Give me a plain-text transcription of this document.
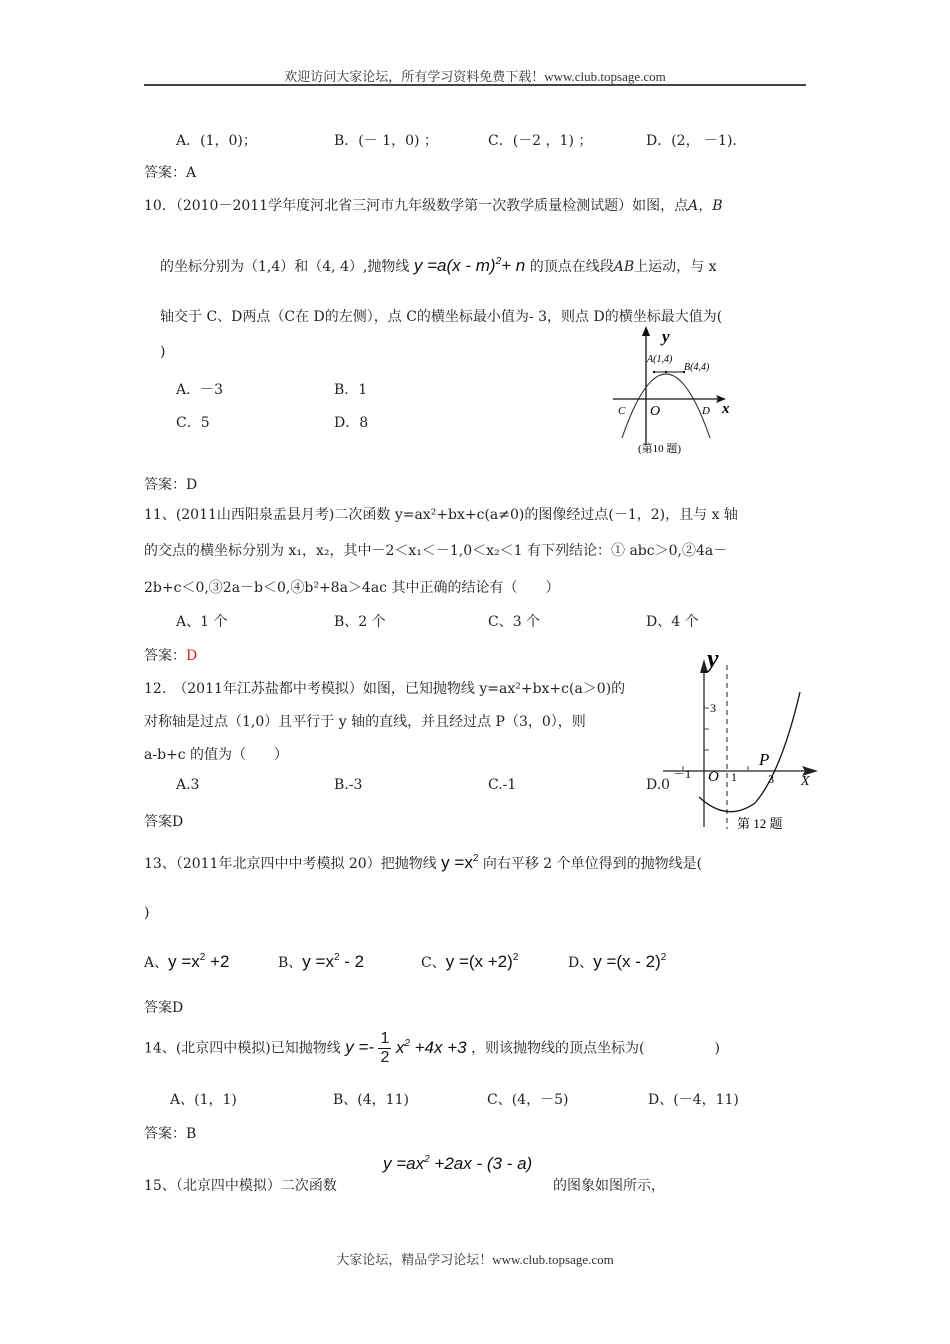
欢迎访问大家论坛，所有学习资料免费下载！www.club.topsage.com
A．(1，0)；	B．(－ 1，0) ；	C．(－2 ，1) ；	D．(2， －1)．
答案：A
10．（2010－2011学年度河北省三河市九年级数学第一次教学质量检测试题）如图，点A，B
的坐标分别为（1,4）和（4, 4）,抛物线 y =a(x - m)$^2$+ n 的顶点在线段AB上运动，与 x
轴交于 C、D两点（C在 D的左侧），点 C的横坐标最小值为- 3，则点 D的横坐标最大值为(
)
A．－3	B．1
C．5	D．8
答案：D
y
A(1,4)
B(4,4)
C O	D x
(第10 题)
11、(2011山西阳泉盂县月考)二次函数 y=ax²+bx+c(a≠0)的图像经过点(－1，2)，且与 x 轴
的交点的横坐标分别为 x₁，x₂，其中－2＜x₁＜－1,0＜x₂＜1 有下列结论：① abc＞0,②4a－
2b+c＜0,③2a－b＜0,④b²+8a＞4ac 其中正确的结论有（　　）
A、1 个	B、2 个	C、3 个	D、4 个
答案：D
12.　（2011年江苏盐都中考模拟）如图，已知抛物线 y=ax²+bx+c(a＞0)的
对称轴是过点（1,0）且平行于 y 轴的直线，并且经过点 P（3，0），则
a-b+c 的值为（　　）
A.3	B.-3	C.-1	D.0
答案D
y
3
－1 O 1
P
3 X
第 12 题
13、（2011年北京四中中考模拟 20）把抛物线 $y =x^2$ 向右平移 2 个单位得到的抛物线是(
)
A、$y =x^2 +2$	B、$y =x^2 - 2$	C、$y =(x +2)^2$	D、y =(x - 2)$^2$
答案D
14、(北京四中模拟)已知抛物线 $y =- \frac{1}{2} x^2 +4x +3$ ，则该抛物线的顶点坐标为(　　　　　)
A、(1，1)	B、(4，11)	C、(4，－5)	D、(－4，11)
答案：B
15、（北京四中模拟）二次函数
$y =ax^2 +2ax - (3 - a)$
的图象如图所示，
大家论坛，精品学习论坛！www.club.topsage.com
